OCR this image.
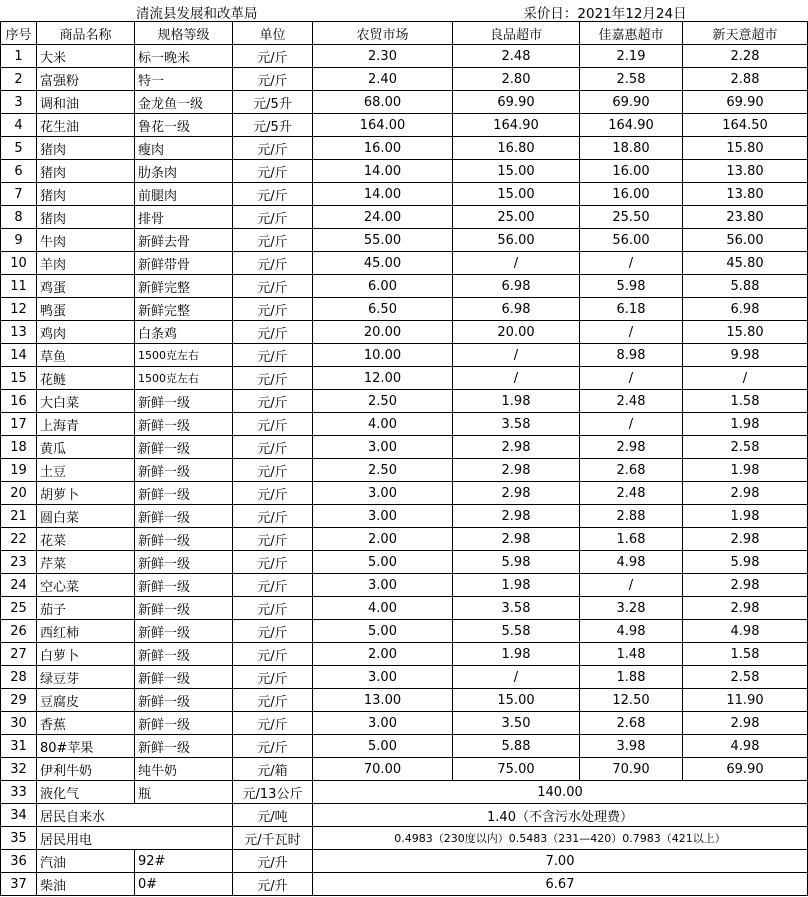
清流县发展和改革局	采价日：2021年12月24日
序号	商品名称	规格等级	单位	农贸市场	良品超市	佳嘉惠超市	新天意超市
1	大米	标一晚米	元/斤	2.30	2.48	2.19	2.28
2	富强粉	特一	元/斤	2.40	2.80	2.58	2.88
3	调和油	金龙鱼一级	元/5升	68.00	69.90	69.90	69.90
4	花生油	鲁花一级	元/5升	164.00	164.90	164.90	164.50
5	猪肉	瘦肉	元/斤	16.00	16.80	18.80	15.80
6	猪肉	肋条肉	元/斤	14.00	15.00	16.00	13.80
7	猪肉	前腿肉	元/斤	14.00	15.00	16.00	13.80
8	猪肉	排骨	元/斤	24.00	25.00	25.50	23.80
9	牛肉	新鲜去骨	元/斤	55.00	56.00	56.00	56.00
10	羊肉	新鲜带骨	元/斤	45.00	/	/	45.80
11	鸡蛋	新鲜完整	元/斤	6.00	6.98	5.98	5.88
12	鸭蛋	新鲜完整	元/斤	6.50	6.98	6.18	6.98
13	鸡肉	白条鸡	元/斤	20.00	20.00	/	15.80
14	草鱼	1500克左右	元/斤	10.00	/	8.98	9.98
15	花鲢	1500克左右	元/斤	12.00	/	/	/
16	大白菜	新鲜一级	元/斤	2.50	1.98	2.48	1.58
17	上海青	新鲜一级	元/斤	4.00	3.58	/	1.98
18	黄瓜	新鲜一级	元/斤	3.00	2.98	2.98	2.58
19	土豆	新鲜一级	元/斤	2.50	2.98	2.68	1.98
20	胡萝卜	新鲜一级	元/斤	3.00	2.98	2.48	2.98
21	圆白菜	新鲜一级	元/斤	3.00	2.98	2.88	1.98
22	花菜	新鲜一级	元/斤	2.00	2.98	1.68	2.98
23	芹菜	新鲜一级	元/斤	5.00	5.98	4.98	5.98
24	空心菜	新鲜一级	元/斤	3.00	1.98	/	2.98
25	茄子	新鲜一级	元/斤	4.00	3.58	3.28	2.98
26	西红柿	新鲜一级	元/斤	5.00	5.58	4.98	4.98
27	白萝卜	新鲜一级	元/斤	2.00	1.98	1.48	1.58
28	绿豆芽	新鲜一级	元/斤	3.00	/	1.88	2.58
29	豆腐皮	新鲜一级	元/斤	13.00	15.00	12.50	11.90
30	香蕉	新鲜一级	元/斤	3.00	3.50	2.68	2.98
31	80#苹果	新鲜一级	元/斤	5.00	5.88	3.98	4.98
32	伊利牛奶	纯牛奶	元/箱	70.00	75.00	70.90	69.90
33	液化气	瓶	元/13公斤	140.00			
34	居民自来水		元/吨	1.40（不含污水处理费）			
35	居民用电		元/千瓦时	0.4983（230度以内）0.5483（231—420）0.7983（421以上）			
36	汽油	92#	元/升	7.00			
37	柴油	0#	元/升	6.67			
